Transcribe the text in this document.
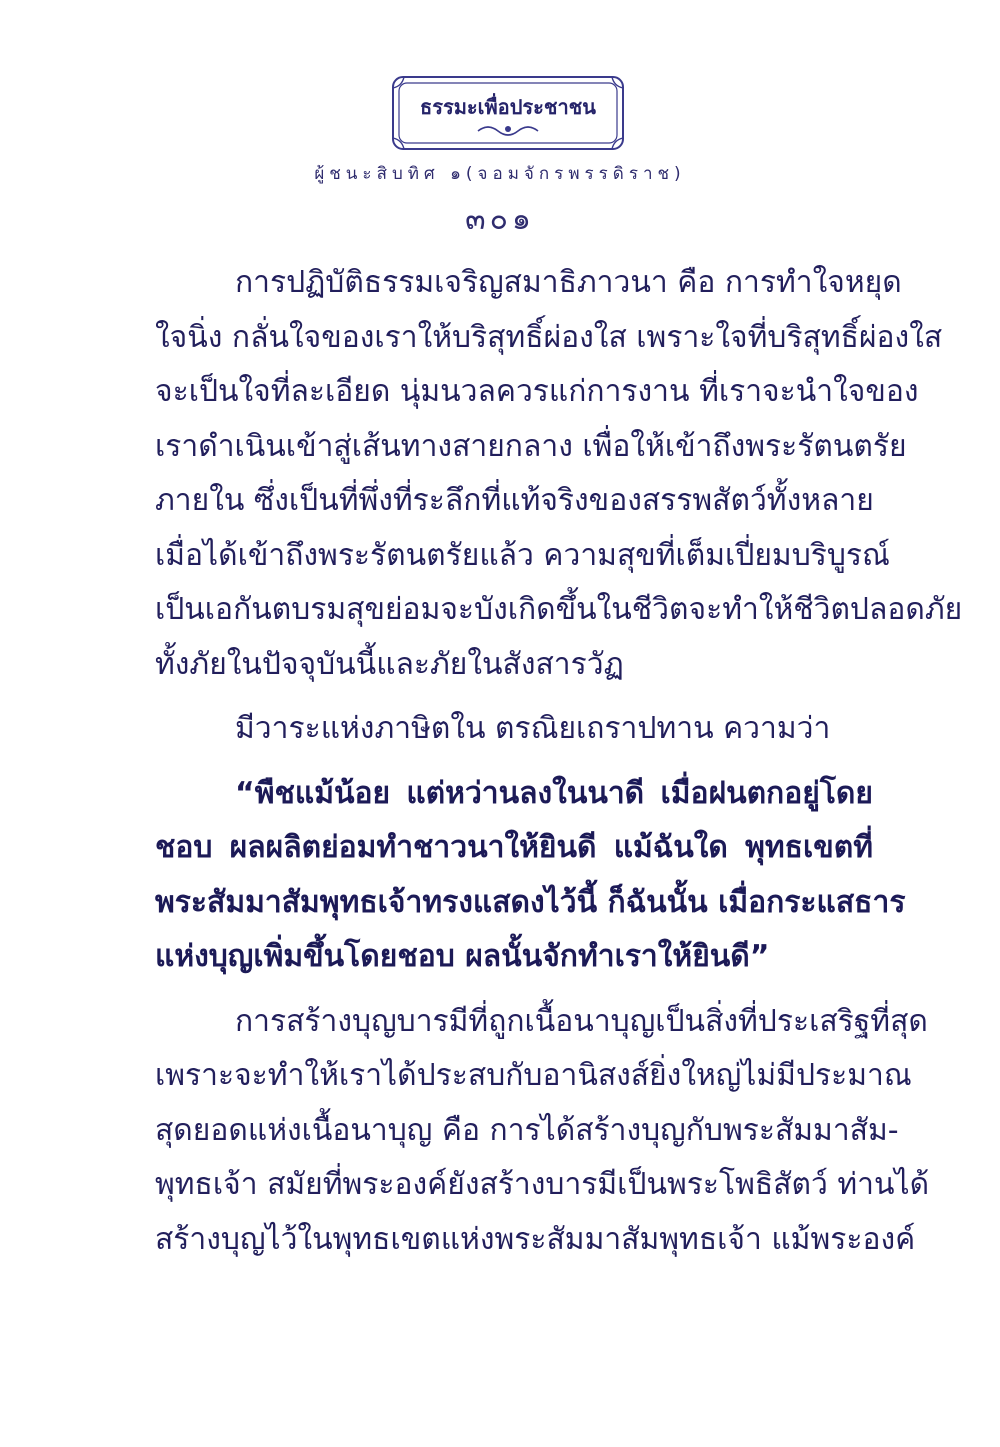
ธรรมะเพื่อประชาชน
ผู้ชนะสิบทิศ ๑(จอมจักรพรรดิราช)
๓๐๑
การปฏิบัติธรรมเจริญสมาธิภาวนา คือ การทำใจหยุด
ใจนิ่ง กลั่นใจของเราให้บริสุทธิ์ผ่องใส เพราะใจที่บริสุทธิ์ผ่องใส
จะเป็นใจที่ละเอียด นุ่มนวลควรแก่การงาน ที่เราจะนำใจของ
เราดำเนินเข้าสู่เส้นทางสายกลาง เพื่อให้เข้าถึงพระรัตนตรัย
ภายใน ซึ่งเป็นที่พึ่งที่ระลึกที่แท้จริงของสรรพสัตว์ทั้งหลาย
เมื่อได้เข้าถึงพระรัตนตรัยแล้ว ความสุขที่เต็มเปี่ยมบริบูรณ์
เป็นเอกันตบรมสุขย่อมจะบังเกิดขึ้นในชีวิตจะทำให้ชีวิตปลอดภัย
ทั้งภัยในปัจจุบันนี้และภัยในสังสารวัฏ
มีวาระแห่งภาษิตใน ตรณิยเถราปทาน ความว่า
“พืชแม้น้อย แต่หว่านลงในนาดี เมื่อฝนตกอยู่โดย
ชอบ ผลผลิตย่อมทำชาวนาให้ยินดี แม้ฉันใด พุทธเขตที่
พระสัมมาสัมพุทธเจ้าทรงแสดงไว้นี้ ก็ฉันนั้น เมื่อกระแสธาร
แห่งบุญเพิ่มขึ้นโดยชอบ ผลนั้นจักทำเราให้ยินดี”
การสร้างบุญบารมีที่ถูกเนื้อนาบุญเป็นสิ่งที่ประเสริฐที่สุด
เพราะจะทำให้เราได้ประสบกับอานิสงส์ยิ่งใหญ่ไม่มีประมาณ
สุดยอดแห่งเนื้อนาบุญ คือ การได้สร้างบุญกับพระสัมมาสัม-
พุทธเจ้า สมัยที่พระองค์ยังสร้างบารมีเป็นพระโพธิสัตว์ ท่านได้
สร้างบุญไว้ในพุทธเขตแห่งพระสัมมาสัมพุทธเจ้า แม้พระองค์
